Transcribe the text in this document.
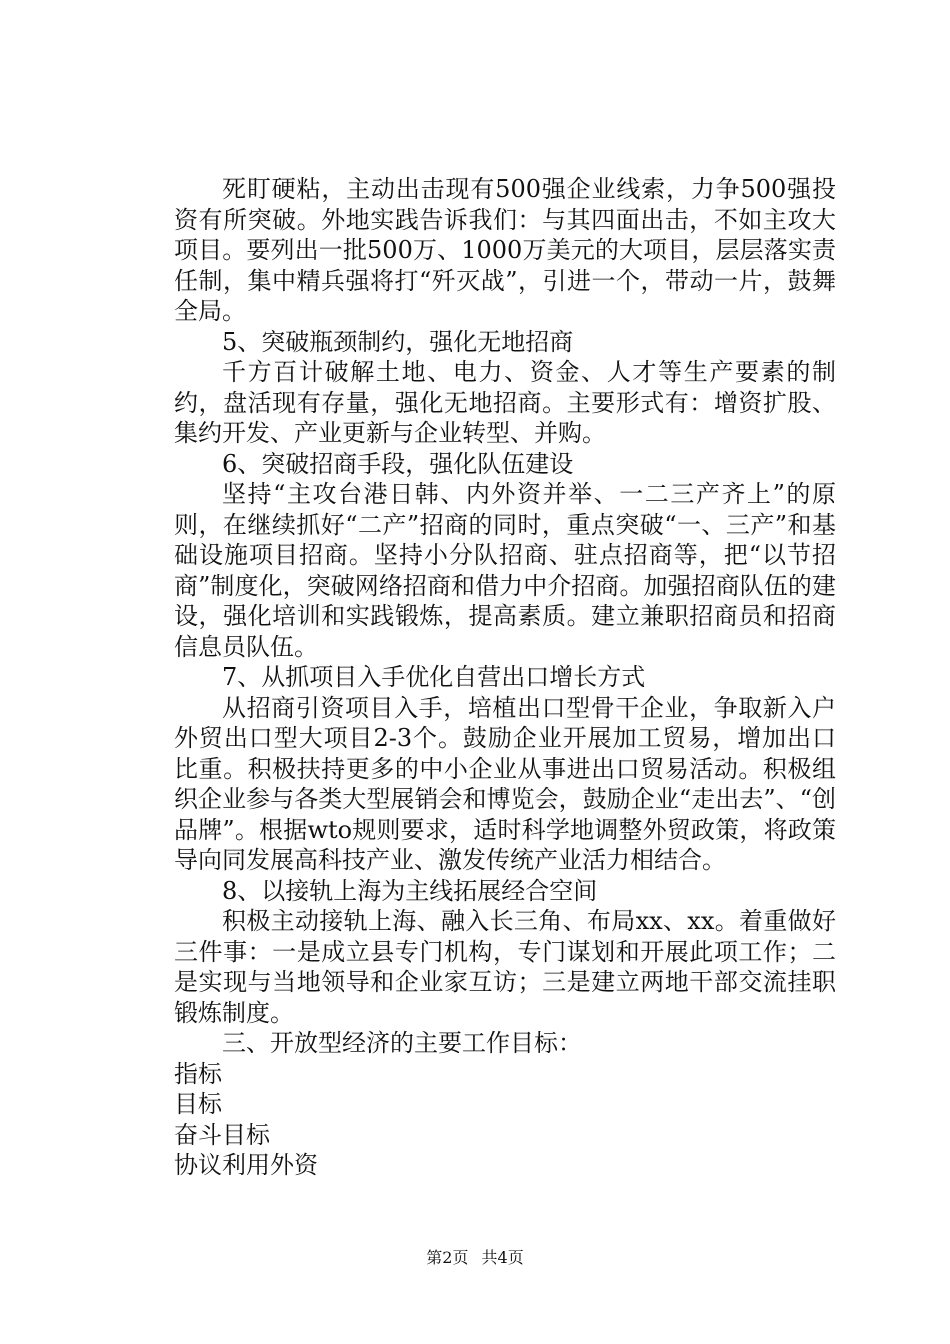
死盯硬粘，主动出击现有500强企业线索，力争500强投资有所突破。外地实践告诉我们：与其四面出击，不如主攻大项目。要列出一批500万、1000万美元的大项目，层层落实责任制，集中精兵强将打“歼灭战”，引进一个，带动一片，鼓舞全局。

5、突破瓶颈制约，强化无地招商

千方百计破解土地、电力、资金、人才等生产要素的制约，盘活现有存量，强化无地招商。主要形式有：增资扩股、集约开发、产业更新与企业转型、并购。

6、突破招商手段，强化队伍建设

坚持“主攻台港日韩、内外资并举、一二三产齐上”的原则，在继续抓好“二产”招商的同时，重点突破“一、三产”和基础设施项目招商。坚持小分队招商、驻点招商等，把“以节招商”制度化，突破网络招商和借力中介招商。加强招商队伍的建设，强化培训和实践锻炼，提高素质。建立兼职招商员和招商信息员队伍。

7、从抓项目入手优化自营出口增长方式

从招商引资项目入手，培植出口型骨干企业，争取新入户外贸出口型大项目2-3个。鼓励企业开展加工贸易，增加出口比重。积极扶持更多的中小企业从事进出口贸易活动。积极组织企业参与各类大型展销会和博览会，鼓励企业“走出去”、“创品牌”。根据wto规则要求，适时科学地调整外贸政策，将政策导向同发展高科技产业、激发传统产业活力相结合。

8、以接轨上海为主线拓展经合空间

积极主动接轨上海、融入长三角、布局xx、xx。着重做好三件事：一是成立县专门机构，专门谋划和开展此项工作；二是实现与当地领导和企业家互访；三是建立两地干部交流挂职锻炼制度。

三、开放型经济的主要工作目标：

指标

目标

奋斗目标

协议利用外资

第2页 共4页
